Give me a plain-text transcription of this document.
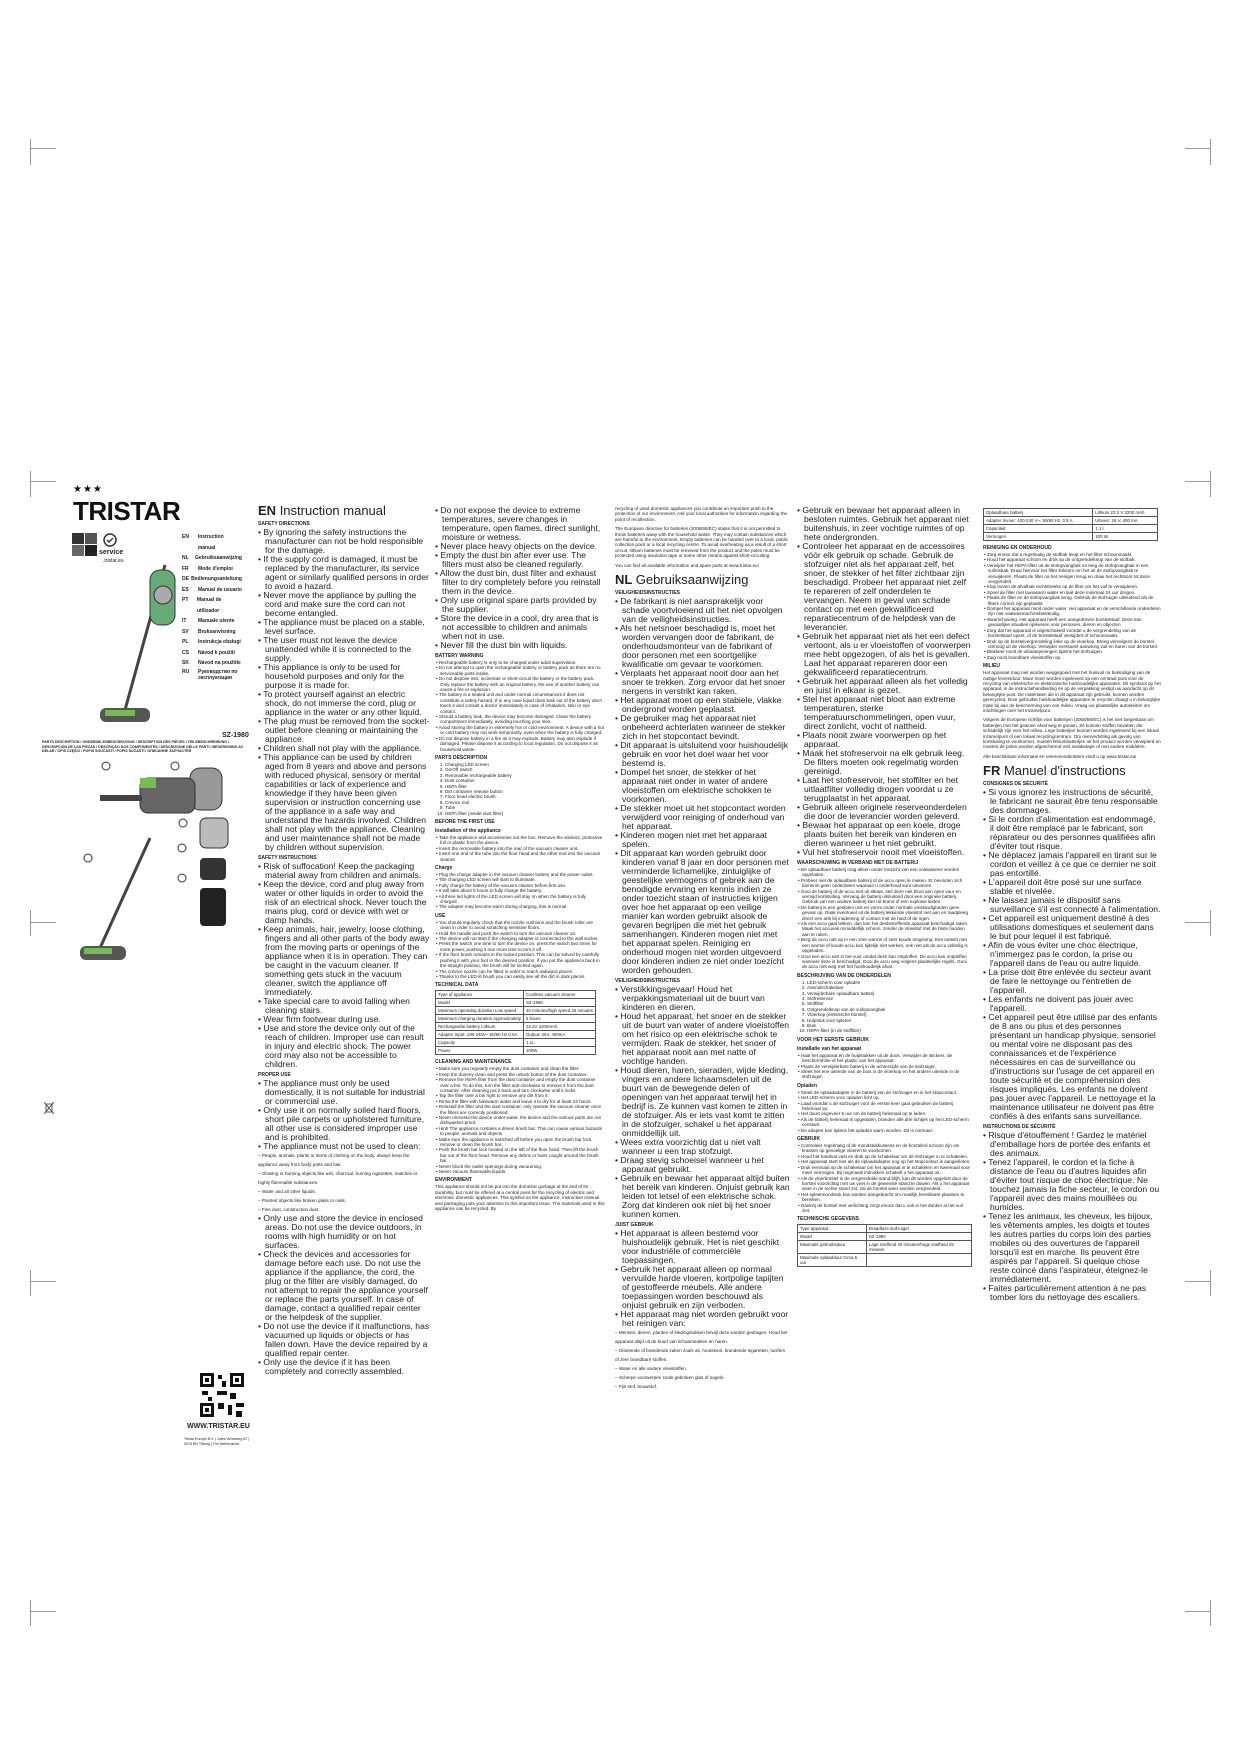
★★★
TRISTAR
service
.tristar.eu
EN	Instruction manual
NL	Gebruiksaanwijzing
FR	Mode d'emploi
DE Bedienungsanleitung
ES	Manual de usuario
PT	Manual de utilizador
IT	Manuale utente
SV	Bruksanvisning
PL	Instrukcja obsługi
CS	Návod k použití
SK	Návod na použitie
RU	Руководство по эксплуатации
SZ-1980
PARTS DESCRIPTION / ONDERDELENBESCHRIJVING / DESCRIPTION DES PIÈCES / TEILEBESCHREIBUNG / DESCRIPCIÓN DE LAS PIEZAS / DESCRIÇÃO DOS COMPONENTES / DESCRIZIONE DELLE PARTI / BESKRIVNING AV DELAR / OPIS CZĘŚCI / POPIS SOUČÁSTÍ / POPIS SÚČASTÍ / ОПИСАНИЕ ЗАПЧАСТЕЙ
WWW.TRISTAR.EU
Tristar Europe B.V. | Jules Verneweg 87 | 5015 BH Tilburg | The Netherlands
EN Instruction manual
SAFETY DIRECTIONS
• By ignoring the safety instructions the manufacturer can not be hold responsible for the damage.
• If the supply cord is damaged, it must be replaced by the manufacturer, its service agent or similarly qualified persons in order to avoid a hazard.
• Never move the appliance by pulling the cord and make sure the cord can not become entangled.
• The appliance must be placed on a stable, level surface.
• The user must not leave the device unattended while it is connected to the supply.
• This appliance is only to be used for household purposes and only for the purpose it is made for.
• To protect yourself against an electric shock, do not immerse the cord, plug or appliance in the water or any other liquid.
• The plug must be removed from the socket-outlet before cleaning or maintaining the appliance.
• Children shall not play with the appliance.
• This appliance can be used by children aged from 8 years and above and persons with reduced physical, sensory or mental capabilities or lack of experience and knowledge if they have been given supervision or instruction concerning use of the appliance in a safe way and understand the hazards involved. Children shall not play with the appliance. Cleaning and user maintenance shall not be made by children without supervision.
SAFETY INSTRUCTIONS
• Risk of suffocation! Keep the packaging material away from children and animals.
• Keep the device, cord and plug away from water or other liquids in order to avoid the risk of an electrical shock. Never touch the mains plug, cord or device with wet or damp hands.
• Keep animals, hair, jewelry, loose clothing, fingers and all other parts of the body away from the moving parts or openings of the appliance when it is in operation. They can be caught in the vacuum cleaner. If something gets stuck in the vacuum cleaner, switch the appliance off immediately.
• Take special care to avoid falling when cleaning stairs.
• Wear firm footwear during use.
• Use and store the device only out of the reach of children. Improper use can result in injury and electric shock. The power cord may also not be accessible to children.
PROPER USE
• The appliance must only be used domestically, it is not suitable for industrial or commercial use.
• Only use it on normally soiled hard floors, short pile carpets or upholstered furniture, all other use is considered improper use and is prohibited.
• The appliance must not be used to clean:
– People, animals, plants or items of clothing on the body, always keep the appliance away from body parts and hair.
– Glowing or burning objects like ash, charcoal, burning cigarettes, matches or highly flammable substances.
– Water and all other liquids.
– Pointed objects like broken glass or nails.
– Fine dust, construction dust.
• Only use and store the device in enclosed areas. Do not use the device outdoors, in rooms with high humidity or on hot surfaces.
• Check the devices and accessories for damage before each use. Do not use the appliance if the appliance, the cord, the plug or the filter are visibly damaged, do not attempt to repair the appliance yourself or replace the parts yourself. In case of damage, contact a qualified repair center or the helpdesk of the supplier.
• Do not use the device if it malfunctions, has vacuumed up liquids or objects or has fallen down. Have the device repaired by a qualified repair center.
• Only use the device if it has been completely and correctly assembled.
• Do not expose the device to extreme temperatures, severe changes in temperature, open flames, direct sunlight, moisture or wetness.
• Never place heavy objects on the device.
• Empty the dust bin after ever use. The filters must also be cleaned regularly.
• Allow the dust bin, dust filter and exhaust filter to dry completely before you reinstall them in the device.
• Only use original spare parts provided by the supplier.
• Store the device in a cool, dry area that is not accessible to children and animals when not in use.
• Never fill the dust bin with liquids.
BATTERY WARNING
• Rechargeable battery is only to be charged under adult supervision.
• Do not attempt to open the rechargeable battery or battery pack as there are no serviceable parts inside.
• Do not dispose into, incinerate or short-circuit the battery or the battery pack. Only replace the battery with an original battery, the use of another battery can cause a fire or explosion.
• The battery is a sealed unit and under normal circumstances it does not constitute a safety hazard. If in any case liquid does leak out of the battery don't touch it and consult a doctor immediately in case of inhalation, skin or eye contact.
• Should a battery leak, the device may become damaged. Clean the battery compartment immediately, avoiding touching your skin.
• Avoid storing the battery in extremely hot or cold environment. A device with a hot or cold battery may not work temporarily, even when the battery is fully charged.
• Do not dispose battery in a fire as it may explode. Battery may also explode if damaged. Please dispose it according to local regulation. Do not dispose it as household waste.
PARTS DESCRIPTION
1. Charging LED screen
2. On/Off switch
3. Removable rechargeable battery
4. Dust container
5. HEPA filter
6. Dirt container release button
7. Floor head electric brush
8. Crevice tool
9. Tube
10. HEPA filter (inside dust filter)
BEFORE THE FIRST USE
Installation of the appliance
• Take the appliance and accessories out the box. Remove the stickers, protective foil or plastic from the device.
• Insert the removable battery into the rear of the vacuum cleaner unit.
• Insert one end of the tube into the floor head and the other end into the vacuum cleaner.
Charge
• Plug the charge adapter in the vacuum cleaner battery and the power outlet.
• The charging LED screen will start to illuminate.
• Fully charge the battery of the vacuum cleaner before first use.
• It will take about 5 hours to fully charge the battery.
• All three led lights of the LED screen will stay on when the battery is fully charged.
• The adapter may become warm during charging, this is normal.
USE
• You should regularly check that the nozzle cushions and the brush roller are clean in order to avoid scratching sensitive floors.
• Hold the handle and push the switch to turn the vacuum cleaner on.
• The device will not start if the charging adapter is connected to the wall socket.
• Press the switch one time to turn the device on, press the switch two times for more power, pushing it one more time to turn it off.
• If the floor brush remains in the locked position. This can be solved by carefully pushing it with your foot in the desired position, if you put the appliance back in the straight position, the brush will be locked again.
• The crevice nozzle can be fitted in order to reach awkward places.
• Thanks to the LED-lit brush you can easily see all the dirt in dark places.
TECHNICAL DATA
Type of appliance	Cordless vacuum cleaner
Model	SZ-1980
Maximum operating duration Low speed	40 minutes/high speed 25 minutes
Maximum charging duration Approximately	5 hours
Rechargeable battery Lithium	22.2V 2200mAh
Adapter Input: 100-240V~ 50/60 Hz 0.5A	Output: 26V, 400mA
Capacity	1.1L
Power	100W
CLEANING AND MAINTENANCE
• Make sure you regularly empty the dust container and clean the filter.
• Keep the dummy clean and press the unlock button of the dust container.
• Remove the HEPA filter from the dust container and empty the dust container over a bin. To do this, turn the filter anti-clockwise to remove it from the dust container. After cleaning put it back and turn clockwise until it locks.
• Tap the filter over a bin right to remove any dirt from it.
• Rinse the filter with lukewarm water and leave it to dry for at least 24 hours.
• Reinstall the filter and the dust container, only operate the vacuum cleaner once the filters are correctly positioned.
• Never immerse the device under water, the device and the various parts are not dishwasher-proof.
• Hint! The appliance contains a driven brush bar. This can cause various hazards to people, animals and objects.
• Make sure the appliance is switched off before you open the brush bar lock, remove or clean the brush bar.
• Push the brush bar lock located on the left of the floor head. Then lift the brush bar out of the floor head. Remove any debris or hairs caught around the brush bar.
• Never block the outlet openings during vacuuming.
• Never vacuum flammable liquids.
ENVIRONMENT

This appliance should not be put into the domestic garbage at the end of its durability, but must be offered at a central point for the recycling of electric and electronic domestic appliances. This symbol on the appliance, instruction manual and packaging puts your attention to this important issue. The materials used in this appliance can be recycled. By

recycling of used domestic appliances you contribute an important push to the protection of our environment. Ask your local authorities for information regarding the point of recollection.

The European directive for batteries (2006/66/EC) states that it is not permitted to throw batteries away with the household waste. They may contain substances which are harmful to the environment. Empty batteries can be handed over to a local, public collection point or a local recycling centre. To avoid overheating as a result of a short circuit, lithium batteries must be removed from the product and the poles must be protected using insulation tape or some other means against short-circuiting.

You can find all available information and spare parts at www.tristar.eu!

NL Gebruiksaanwijzing
VEILIGHEIDSINSTRUCTIES
• De fabrikant is niet aansprakelijk voor schade voortvloeiend uit het niet opvolgen van de veiligheidsinstructies.
• Als het netsnoer beschadigd is, moet het worden vervangen door de fabrikant, de onderhoudsmonteur van de fabrikant of door personen met een soortgelijke kwalificatie om gevaar te voorkomen.
• Verplaats het apparaat nooit door aan het snoer te trekken. Zorg ervoor dat het snoer nergens in verstrikt kan raken.
• Het apparaat moet op een stabiele, vlakke ondergrond worden geplaatst.
• De gebruiker mag het apparaat niet onbeheerd achterlaten wanneer de stekker zich in het stopcontact bevindt.
• Dit apparaat is uitsluitend voor huishoudelijk gebruik en voor het doel waar het voor bestemd is.
• Dompel het snoer, de stekker of het apparaat niet onder in water of andere vloeistoffen om elektrische schokken te voorkomen.
• De stekker moet uit het stopcontact worden verwijderd voor reiniging of onderhoud van het apparaat.
• Kinderen mogen niet met het apparaat spelen.
• Dit apparaat kan worden gebruikt door kinderen vanaf 8 jaar en door personen met verminderde lichamelijke, zintuiglijke of geestelijke vermogens of gebrek aan de benodigde ervaring en kennis indien ze onder toezicht staan of instructies krijgen over hoe het apparaat op een veilige manier kan worden gebruikt alsook de gevaren begrijpen die met het gebruik samenhangen. Kinderen mogen niet met het apparaat spelen. Reiniging en onderhoud mogen niet worden uitgevoerd door kinderen indien ze niet onder toezicht worden gehouden.
VEILIGHEIDSINSTRUCTIES
• Verstikkingsgevaar! Houd het verpakkingsmateriaal uit de buurt van kinderen en dieren.
• Houd het apparaat, het snoer en de stekker uit de buurt van water of andere vloeistoffen om het risico op een elektrische schok te vermijden. Raak de stekker, het snoer of het apparaat nooit aan met natte of vochtige handen.
• Houd dieren, haren, sieraden, wijde kleding, vingers en andere lichaamsdelen uit de buurt van de bewegende delen of openingen van het apparaat terwijl het in bedrijf is. Ze kunnen vast komen te zitten in de stofzuiger. Als er iets vast komt te zitten in de stofzuiger, schakel u het apparaat onmiddellijk uit.
• Wees extra voorzichtig dat u niet valt wanneer u een trap stofzuigt.
• Draag stevig schoeisel wanneer u het apparaat gebruikt.
• Gebruik en bewaar het apparaat altijd buiten het bereik van kinderen. Onjuist gebruik kan leiden tot letsel of een elektrische schok. Zorg dat kinderen ook niet bij het snoer kunnen komen.
JUIST GEBRUIK
• Het apparaat is alleen bestemd voor huishoudelijk gebruik. Het is niet geschikt voor industriële of commerciële toepassingen.
• Gebruik het apparaat alleen op normaal vervuilde harde vloeren, kortpolige tapijten of gestoffeerde meubels. Alle andere toepassingen worden beschouwd als onjuist gebruik en zijn verboden.
• Het apparaat mag niet worden gebruikt voor het reinigen van:
– Mensen, dieren, planten of kledingstukken terwijl deze worden gedragen. Houd het apparaat altijd uit de buurt van lichaamsdelen en haren.
– Gloeiende of brandende zaken zoals as, houtskool, brandende sigaretten, lucifers of zeer brandbare stoffen.
– Water en alle andere vloeistoffen.
– Scherpe voorwerpen zoals gebroken glas of nagels.
– Fijn stof, bouwstof.
• Gebruik en bewaar het apparaat alleen in besloten ruimtes. Gebruik het apparaat niet buitenshuis, in zeer vochtige ruimtes of op hete ondergronden.
• Controleer het apparaat en de accessoires vóór elk gebruik op schade. Gebruik de stofzuiger niet als het apparaat zelf, het snoer, de stekker of het filter zichtbaar zijn beschadigd. Probeer het apparaat niet zelf te repareren of zelf onderdelen te vervangen. Neem in geval van schade contact op met een gekwalificeerd reparatiecentrum of de helpdesk van de leverancier.
• Gebruik het apparaat niet als het een defect vertoont, als u er vloeistoffen of voorwerpen mee hebt opgezogen, of als het is gevallen. Laat het apparaat repareren door een gekwalificeerd reparatiecentrum.
• Gebruik het apparaat alleen als het volledig en juist in elkaar is gezet.
• Stel het apparaat niet bloot aan extreme temperaturen, sterke temperatuurschommelingen, open vuur, direct zonlicht, vocht of nattheid.
• Plaats nooit zware voorwerpen op het apparaat.
• Maak het stofreservoir na elk gebruik leeg. De filters moeten ook regelmatig worden gereinigd.
• Laat het stofreservoir, het stoffilter en het uitlaatfilter volledig drogen voordat u ze terugplaatst in het apparaat.
• Gebruik alleen originele reserveonderdelen die door de leverancier worden geleverd.
• Bewaar het apparaat op een koele, droge plaats buiten het bereik van kinderen en dieren wanneer u het niet gebruikt.
• Vul het stofreservoir nooit met vloeistoffen.
WAARSCHUWING IN VERBAND MET DE BATTERIJ
• De oplaadbare batterij mag alleen onder toezicht van een volwassene worden opgeladen.
• Probeer niet de oplaadbare batterij of de accu open te maken. Er bevinden zich binnenin geen onderdelen waaraan u onderhoud kunt uitvoeren.
• Gooi de batterij of de accu niet uit elkaar, stel deze niet bloot aan open vuur en vermijd kortsluiting. Vervang de batterij uitsluitend door een originele batterij. Gebruik van een andere batterij kan tot brand of een explosie leiden.
• De batterij is een gesloten unit en vormt onder normale omstandigheden geen gevaar op. Raak eventueel uit de batterij lekkende vloeistof niet aan en raadpleeg direct een arts bij inademing of contact met de huid of de ogen.
• Als een accu gaat lekken, dan kan het desbetreffende apparaat beschadigd raken. Maak het accuvak onmiddellijk schoon, zonder de vloeistof met de blote handen aan te raken.
• Berg de accu niet op in een zeer warme of zeer koude omgeving. Een toestel met een warme of koude accu kan tijdelijk niet werken, ook niet als de accu volledig is opgeladen.
• Gooi een accu niet in het vuur omdat deze kan ontploffen. De accu kan ontploffen wanneer deze is beschadigd. Gooi de accu weg volgens plaatselijke regels. Gooi de accu niet weg met het huishoudelijk afval.
BESCHRIJVING VAN DE ONDERDELEN
1. LED-scherm voor opladen
2. Aan/uitschakelaar
3. Verwijderbare oplaadbare batterij
4. Stofreservoir
5. Stoffilter
6. Ontgrendelknop van de vuilopvangbak
7. Vloerkop (elektrische borstel)
8. Hulpstuk voor spleten
9. Buis
10. HEPA-filter (in de stoffilter)
VOOR HET EERSTE GEBRUIK
Installatie van het apparaat
• Haal het apparaat en de hulpstukken uit de doos. Verwijder de stickers, de beschermfolie of het plastic van het apparaat.
• Plaats de verwijderbare batterij in de achterzijde van de stofzuiger.
• Steek het ene uiteinde van de buis in de vloerkop en het andere uiteinde in de stofzuiger.
Opladen
• Steek de oplaadadapter in de batterij van de stofzuiger en in het stopcontact.
• Het LED-scherm voor opladen licht op.
• Laad voordat u de stofzuiger voor de eerste keer gaat gebruiken de batterij helemaal op.
• Het duurt ongeveer 5 uur om de batterij helemaal op te laden.
• Als de batterij helemaal is opgeladen, branden alle drie lichtjes op het LED-scherm constant.
• De adapter kan tijdens het opladen warm worden. Dit is normaal.
GEBRUIK
• Controleer regelmatig of de mondstukkussens en de borstelrol schoon zijn om krassen op gevoelige vloeren te voorkomen.
• Houd het handvat vast en druk op de schakelaar om de stofzuiger in te schakelen.
• Het apparaat start niet als de oplaadadapter nog op het stopcontact is aangesloten.
• Druk eenmaal op de schakelaar om het apparaat in te schakelen en tweemaal voor meer vermogen. Bij nogmaals indrukken schakelt u het apparaat uit.
• Als de vloerborstel in de vergrendelde stand blijft, kan dit worden opgelost door de borstel voorzichtig met uw voet in de gewenste stand te duwen. Als u het apparaat weer in de rechte stand zet, zal de borstel weer worden vergrendeld.
• Het spleetmondstuk kan worden aangebracht om moeilijk bereikbare plaatsen te bereiken.
• Dankzij de borstel met verlichting zorgt ervoor dat u ook in het donker al het vuil ziet.
TECHNISCHE GEGEVENS
Type apparaat	Draadloze stofzuiger
Model	SZ-1980
Maximale gebruiksduur	Lage snelheid 40 minuten/hoge snelheid 25 minuten
Maximale oplaadduur Circa 5 uur	
Oplaadbare batterij	Lithium 22.2 V 2200 mAh
Adapter Invoer: 100-240 V~, 50/60 Hz, 0.5 A	Uitvoer: 26 V, 400 mA
Capaciteit	1,1 l
Vermogen	100 W
REINIGING EN ONDERHOUD
• Zorg ervoor dat u regelmatig de stofbak leegt en het filter schoonmaakt.
• Houd het apparaat schoon en druk op de ontgrendelknop van de stofbak.
• Verwijder het HEPA-filter uit de stofopvangbak en leeg de stofopvangbak in een vuilnisbak. Draai hiervoor het filter linksom om het uit de stofopvangbak te verwijderen. Plaats de filter na het reinigen terug en draai het rechtsom tot deze vergrendelt.
• Klop boven de afvalbak rechtstreeks op de filter om het vuil te verwijderen.
• Spoel de filter met lauwwarm water en laat deze minimaal 24 uur drogen.
• Plaats de filter en de stofopvangbak terug. Gebruik de stofzuiger uitsluitend als de filters correct zijn geplaatst.
• Dompel het apparaat nooit onder water. Het apparaat en de verschillende onderdelen zijn niet vaatwasmachinebestendig.
• Waarschuwing: Het apparaat heeft een aangedreven borstelstaaf. Deze kan gevaarlijke situaties opleveren voor personen, dieren en objecten.
• Zorg dat het apparaat is uitgeschakeld voordat u de vergrendeling van de borstelstaaf opent, of de borstelstaaf verwijdert of schoonmaakt.
• Druk op de borstelvergrendeling links op de vloerkop. Breng vervolgens de borstel omhoog uit de vloerkop. Verwijder eventueel aanwezig vuil en haren van de borstel.
• Blokkeer nooit de uitlaatopeningen tijdens het stofzuigen.
• Zuig nooit brandbare vloeistoffen op.
MILIEU

Het apparaat mag niet worden weggegooid met het huisvuil na beëindiging van de nuttige levensduur. Maar moet worden ingeleverd op een centraal punt voor de recycling van elektrische en elektronische huishoudelijke apparaten. Dit symbool op het apparaat, in de instructiehandleiding en op de verpakking vestigt uw aandacht op dit belangrijke punt. De materialen die in dit apparaat zijn gebruikt, kunnen worden gerecycled. Door gebruikte huishoudelijke apparaten te recyclen draagt u in belangrijke mate bij aan de bescherming van ons milieu. Vraag uw plaatselijke autoriteiten om inlichtingen over het inzamelpunt.

Volgens de Europese richtlijn voor batterijen (2006/66/EC) is het niet toegestaan om batterijen met het gewone afval weg te gooien. Ze kunnen stoffen bevatten die schadelijk zijn voor het milieu. Lege batterijen kunnen worden ingeleverd bij een lokaal inzamelpunt of een lokaal recyclingcentrum. Om oververhitting als gevolg van kortsluiting te voorkomen, moeten lithiumbatterijen uit het product worden verwijderd en moeten de polen worden afgeschermd met isolatietape of met andere middelen.

Alle beschikbare informatie en reserveonderdelen vindt u op www.tristar.eu!

FR Manuel d'instructions
CONSIGNES DE SÉCURITÉ
• Si vous ignorez les instructions de sécurité, le fabricant ne saurait être tenu responsable des dommages.
• Si le cordon d'alimentation est endommagé, il doit être remplacé par le fabricant, son réparateur ou des personnes qualifiées afin d'éviter tout risque.
• Ne déplacez jamais l'appareil en tirant sur le cordon et veillez à ce que ce dernier ne soit pas entortillé.
• L'appareil doit être posé sur une surface stable et nivelée.
• Ne laissez jamais le dispositif sans surveillance s'il est connecté à l'alimentation.
• Cet appareil est uniquement destiné à des utilisations domestiques et seulement dans le but pour lequel il est fabriqué.
• Afin de vous éviter une choc électrique, n'immergez pas le cordon, la prise ou l'appareil dans de l'eau ou autre liquide.
• La prise doit être enlevée du secteur avant de faire le nettoyage ou l'entretien de l'appareil.
• Les enfants ne doivent pas jouer avec l'appareil.
• Cet appareil peut être utilisé par des enfants de 8 ans ou plus et des personnes présentant un handicap physique, sensoriel ou mental voire ne disposant pas des connaissances et de l'expérience nécessaires en cas de surveillance ou d'instructions sur l'usage de cet appareil en toute sécurité et de compréhension des risques impliqués. Les enfants ne doivent pas jouer avec l'appareil. Le nettoyage et la maintenance utilisateur ne doivent pas être confiés à des enfants sans surveillance.
INSTRUCTIONS DE SÉCURITÉ
• Risque d'étouffement ! Gardez le matériel d'emballage hors de portée des enfants et des animaux.
• Tenez l'appareil, le cordon et la fiche à distance de l'eau ou d'autres liquides afin d'éviter tout risque de choc électrique. Ne touchez jamais la fiche secteur, le cordon ou l'appareil avec des mains mouillées ou humides.
• Tenez les animaux, les cheveux, les bijoux, les vêtements amples, les doigts et toutes les autres parties du corps loin des parties mobiles ou des ouvertures de l'appareil lorsqu'il est en marche. Ils peuvent être aspirés par l'appareil. Si quelque chose reste coincé dans l'aspirateur, éteignez-le immédiatement.
• Faites particulièrement attention à ne pas tomber lors du nettoyage des escaliers.
